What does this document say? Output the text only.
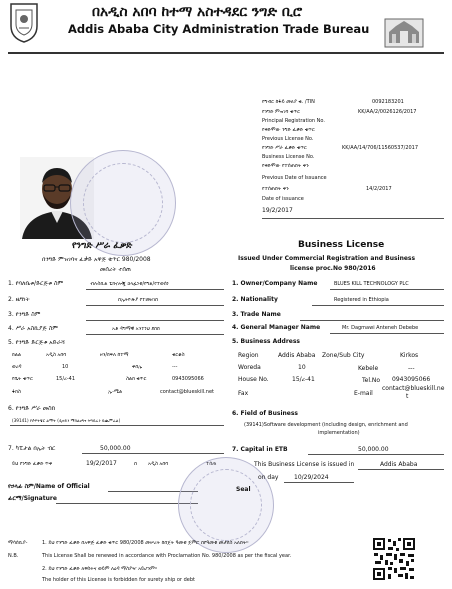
በአዲስ አበባ ከተማ አስተዳደር ንግድ ቢሮ
Addis Ababa City Administration Trade Bureau
የግብር ከፋይ መለያ ቁ. /TIN	0092183201
የንግድ ምዝገባ ቁጥር	KK/AA/2/0026126/2017
Principal Registration No.
የቀድሞው ንግድ ፈቃድ ቁጥር
Previous License No.
የንግድ ሥራ ፈቃድ ቁጥር	KK/AA/14/706/11560537/2017
Business License No.
የቀድሞው የተሰጠበት ቀን
Previous Date of Issuance
የተሰጠበት ቀን	14/2/2017
Date of issuance
19/2/2017
የንግድ ሥራ ፈቃድ
በንግድ ምዝገባና ፈቃድ አዋጅ ቁጥር 980/2008
መሰረት ተሰጠ
Business License
Issued Under Commercial Registration and Business
license proc.No 980/2016
1. የባለቤቱ/ድርጅቱ ስም	ብሉስኪል ቴክኖሎጂ ኃላፊነቱ/የግል/የተወሰነ
2. ዜግነት	በኢትዮጵያ የተመዘገበ
3. የንግድ ስም
4. ሥራ አስኪያጅ ስም	አቶ ዳግማዊ አንተነህ ደበበ
5. የንግድ ድርጅቱ አድራሻ
ክልል	አዲስ አበባ	ዞን/ክፍለ ከተማ	ቂርቆስ
ወረዳ	10	ቀበሌ	---
የቤት ቁጥር	15/ረ-41	ስልክ ቁጥር	0943095066
ፋክስ	ኢ-ሜል	contact@blueskill.net
6. የንግድ ሥራ መስክ
(39141) የሶፍትዌር ልማት (ዲዛይን ማበልፀግና ትግበራን ይጨምራል)
7. ካፒታል በኢት ብር	50,000.00
ይህ የንግድ ፈቃድ ጥቅ	19/2/2017	በ አዲስ አበባ	ተሰጠ
የኃላፊ ስም/Name of Official
ፊርማ/Signature
1. Owner/Company Name	BLUES KILL TECHNOLOGY PLC
2. Nationality	Registered in Ethiopia
3. Trade Name
4. General Manager Name	Mr. Dagmawi Anteneh Debebe
5. Business Address
Region	Addis Ababa Zone/Sub City	Kirkos
Woreda	10	Kebele	---
House No.	15/ረ-41	Tel.No 0943095066
Fax	E-mail
contact@blueskill.ne
t
6. Field of Business
(39141)Software development (including design, enrichment and
implementation)
7. Capital in ETB	50,000.00
This Business License is issued in	Addis Ababa
on day	10/29/2024
Seal
ማሳሰቢያ-	1. ይህ የንግድ ፈቃድ በአዋጅ ፈቃድ ቁጥር 980/2008 መሠረት ከበጀት ዓመቱ ጀምሮ በየዓመቱ መታደስ አለበት።
N.B.	This License Shall be renewed in accordance with Proclamation No. 980/2008 as per the fiscal year.
2. ይህ የንግድ ፈቃድ ለዋስትና ወይም ለዕዳ ማስያዣ አይሆንም።
The holder of this License is forbidden for surety ship or debt
